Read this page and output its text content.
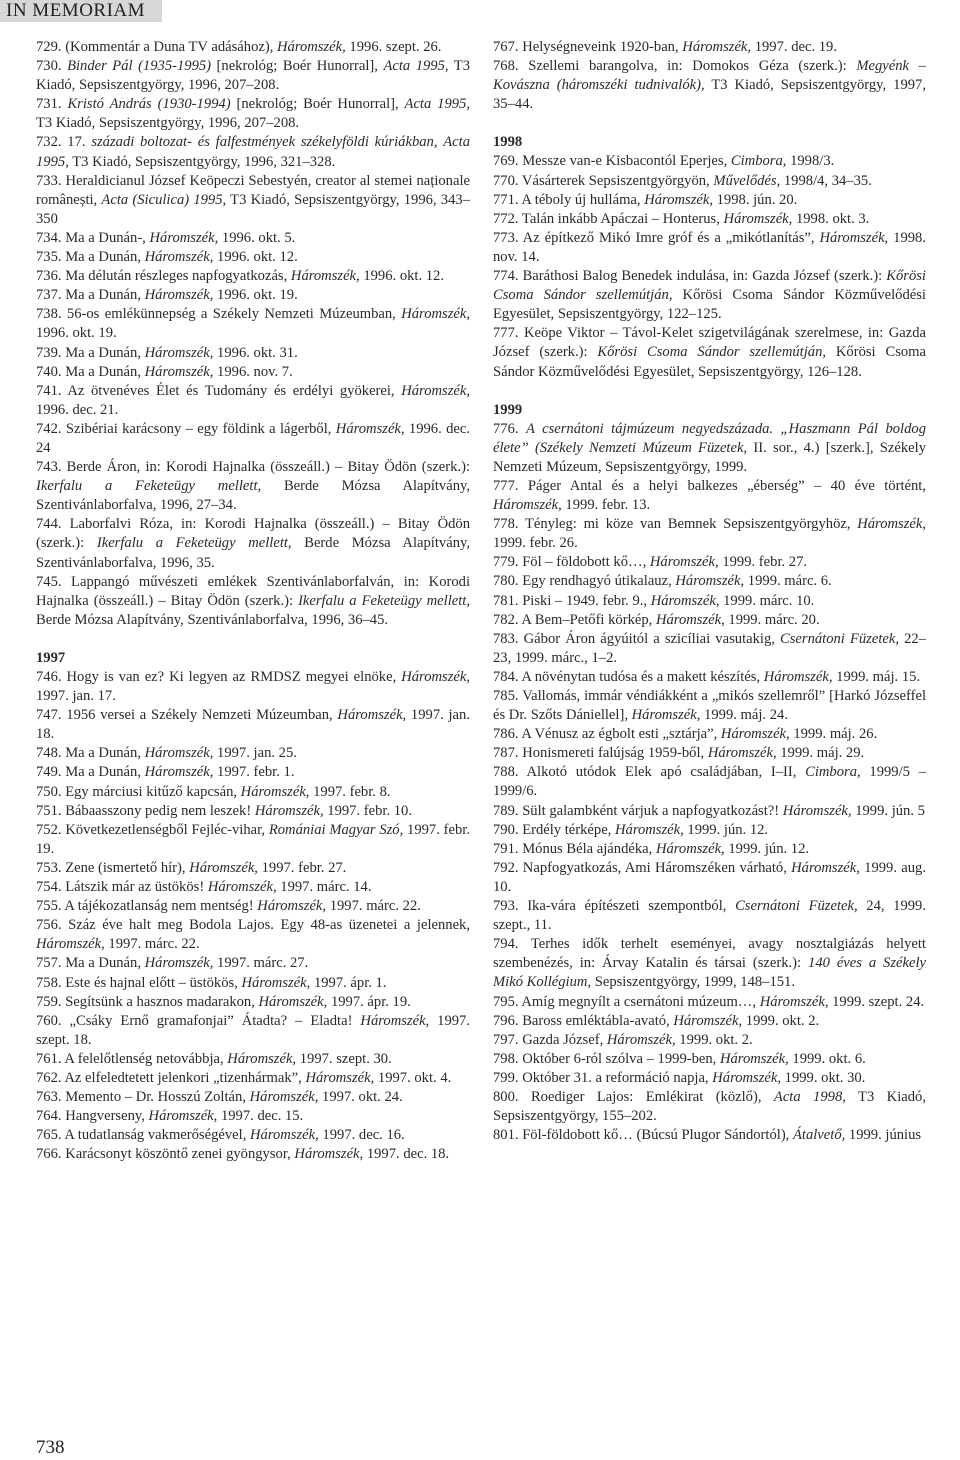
IN MEMORIAM

729. (Kommentár a Duna TV adásához), Háromszék, 1996. szept. 26.

730. Binder Pál (1935-1995) [nekrológ; Boér Hunorral], Acta 1995, T3 Kiadó, Sepsiszentgyörgy, 1996, 207–208.

731. Kristó András (1930-1994) [nekrológ; Boér Hunorral], Acta 1995, T3 Kiadó, Sepsiszentgyörgy, 1996, 207–208.

732. 17. századi boltozat- és falfestmények székelyföldi kúriákban, Acta 1995, T3 Kiadó, Sepsiszentgyörgy, 1996, 321–328.

733. Heraldicianul József Keöpeczi Sebestyén, creator al stemei naționale românești, Acta (Siculica) 1995, T3 Kiadó, Sepsiszentgyörgy, 1996, 343–350

734. Ma a Dunán-, Háromszék, 1996. okt. 5.

735. Ma a Dunán, Háromszék, 1996. okt. 12.

736. Ma délután részleges napfogyatkozás, Háromszék, 1996. okt. 12.

737. Ma a Dunán, Háromszék, 1996. okt. 19.

738. 56-os emlékünnepség a Székely Nemzeti Múzeumban, Háromszék, 1996. okt. 19.

739. Ma a Dunán, Háromszék, 1996. okt. 31.

740. Ma a Dunán, Háromszék, 1996. nov. 7.

741. Az ötvenéves Élet és Tudomány és erdélyi gyökerei, Háromszék, 1996. dec. 21.

742. Szibériai karácsony – egy földink a lágerből, Háromszék, 1996. dec. 24

743. Berde Áron, in: Korodi Hajnalka (összeáll.) – Bitay Ödön (szerk.): Ikerfalu a Feketeügy mellett, Berde Mózsa Alapítvány, Szentivánlaborfalva, 1996, 27–34.

744. Laborfalvi Róza, in: Korodi Hajnalka (összeáll.) – Bitay Ödön (szerk.): Ikerfalu a Feketeügy mellett, Berde Mózsa Alapítvány, Szentivánlaborfalva, 1996, 35.

745. Lappangó művészeti emlékek Szentivánlaborfalván, in: Korodi Hajnalka (összeáll.) – Bitay Ödön (szerk.): Ikerfalu a Feketeügy mellett, Berde Mózsa Alapítvány, Szentivánlaborfalva, 1996, 36–45.

1997

746. Hogy is van ez? Ki legyen az RMDSZ megyei elnöke, Háromszék, 1997. jan. 17.

747. 1956 versei a Székely Nemzeti Múzeumban, Háromszék, 1997. jan. 18.

748. Ma a Dunán, Háromszék, 1997. jan. 25.

749. Ma a Dunán, Háromszék, 1997. febr. 1.

750. Egy márciusi kitűző kapcsán, Háromszék, 1997. febr. 8.

751. Bábaasszony pedig nem leszek! Háromszék, 1997. febr. 10.

752. Következetlenségből Fejléc-vihar, Romániai Magyar Szó, 1997. febr. 19.

753. Zene (ismertető hír), Háromszék, 1997. febr. 27.

754. Látszik már az üstökös! Háromszék, 1997. márc. 14.

755. A tájékozatlanság nem mentség! Háromszék, 1997. márc. 22.

756. Száz éve halt meg Bodola Lajos. Egy 48-as üzenetei a jelennek, Háromszék, 1997. márc. 22.

757. Ma a Dunán, Háromszék, 1997. márc. 27.

758. Este és hajnal előtt – üstökös, Háromszék, 1997. ápr. 1.

759. Segítsünk a hasznos madarakon, Háromszék, 1997. ápr. 19.

760. „Csáky Ernő gramafonjai” Átadta? – Eladta! Háromszék, 1997. szept. 18.

761. A felelőtlenség netovábbja, Háromszék, 1997. szept. 30.

762. Az elfeledtetett jelenkori „tizenhármak”, Háromszék, 1997. okt. 4.

763. Memento – Dr. Hosszú Zoltán, Háromszék, 1997. okt. 24.

764. Hangverseny, Háromszék, 1997. dec. 15.

765. A tudatlanság vakmerőségével, Háromszék, 1997. dec. 16.

766. Karácsonyt köszöntő zenei gyöngysor, Háromszék, 1997. dec. 18.

767. Helységneveink 1920-ban, Háromszék, 1997. dec. 19.

768. Szellemi barangolva, in: Domokos Géza (szerk.): Megyénk – Kovászna (háromszéki tudnivalók), T3 Kiadó, Sepsiszentgyörgy, 1997, 35–44.

1998

769. Messze van-e Kisbacontól Eperjes, Cimbora, 1998/3.

770. Vásárterek Sepsiszentgyörgyön, Művelődés, 1998/4, 34–35.

771. A téboly új hulláma, Háromszék, 1998. jún. 20.

772. Talán inkább Apáczai – Honterus, Háromszék, 1998. okt. 3.

773. Az építkező Mikó Imre gróf és a „mikótlanítás”, Háromszék, 1998. nov. 14.

774. Baráthosi Balog Benedek indulása, in: Gazda József (szerk.): Kőrösi Csoma Sándor szellemútján, Kőrösi Csoma Sándor Közművelődési Egyesület, Sepsiszentgyörgy, 122–125.

777. Keöpe Viktor – Távol-Kelet szigetvilágának szerelmese, in: Gazda József (szerk.): Kőrösi Csoma Sándor szellemútján, Kőrösi Csoma Sándor Közművelődési Egyesület, Sepsiszentgyörgy, 126–128.

1999

776. A csernátoni tájmúzeum negyedszázada. „Haszmann Pál boldog élete” (Székely Nemzeti Múzeum Füzetek, II. sor., 4.) [szerk.], Székely Nemzeti Múzeum, Sepsiszentgyörgy, 1999.

777. Páger Antal és a helyi balkezes „éberség” – 40 éve történt, Háromszék, 1999. febr. 13.

778. Tényleg: mi köze van Bemnek Sepsiszentgyörgyhöz, Háromszék, 1999. febr. 26.

779. Föl – földobott kő…, Háromszék, 1999. febr. 27.

780. Egy rendhagyó útikalauz, Háromszék, 1999. márc. 6.

781. Piski – 1949. febr. 9., Háromszék, 1999. márc. 10.

782. A Bem–Petőfi körkép, Háromszék, 1999. márc. 20.

783. Gábor Áron ágyúitól a szicíliai vasutakig, Csernátoni Füzetek, 22–23, 1999. márc., 1–2.

784. A növénytan tudósa és a makett készítés, Háromszék, 1999. máj. 15.

785. Vallomás, immár véndiákként a „mikós szellemről” [Harkó Józseffel és Dr. Szőts Dániellel], Háromszék, 1999. máj. 24.

786. A Vénusz az égbolt esti „sztárja”, Háromszék, 1999. máj. 26.

787. Honismereti falújság 1959-ből, Háromszék, 1999. máj. 29.

788. Alkotó utódok Elek apó családjában, I–II, Cimbora, 1999/5 – 1999/6.

789. Sült galambként várjuk a napfogyatkozást?! Háromszék, 1999. jún. 5

790. Erdély térképe, Háromszék, 1999. jún. 12.

791. Mónus Béla ajándéka, Háromszék, 1999. jún. 12.

792. Napfogyatkozás, Ami Háromszéken várható, Háromszék, 1999. aug. 10.

793. Ika-vára építészeti szempontból, Csernátoni Füzetek, 24, 1999. szept., 11.

794. Terhes idők terhelt eseményei, avagy nosztalgiázás helyett szembenézés, in: Árvay Katalin és társai (szerk.): 140 éves a Székely Mikó Kollégium, Sepsiszentgyörgy, 1999, 148–151.

795. Amíg megnyílt a csernátoni múzeum…, Háromszék, 1999. szept. 24.

796. Baross emléktábla-avató, Háromszék, 1999. okt. 2.

797. Gazda József, Háromszék, 1999. okt. 2.

798. Október 6-ról szólva – 1999-ben, Háromszék, 1999. okt. 6.

799. Október 31. a reformáció napja, Háromszék, 1999. okt. 30.

800. Roediger Lajos: Emlékirat (közlő), Acta 1998, T3 Kiadó, Sepsiszentgyörgy, 155–202.

801. Föl-földobott kő… (Búcsú Plugor Sándortól), Átalvető, 1999. június

738
